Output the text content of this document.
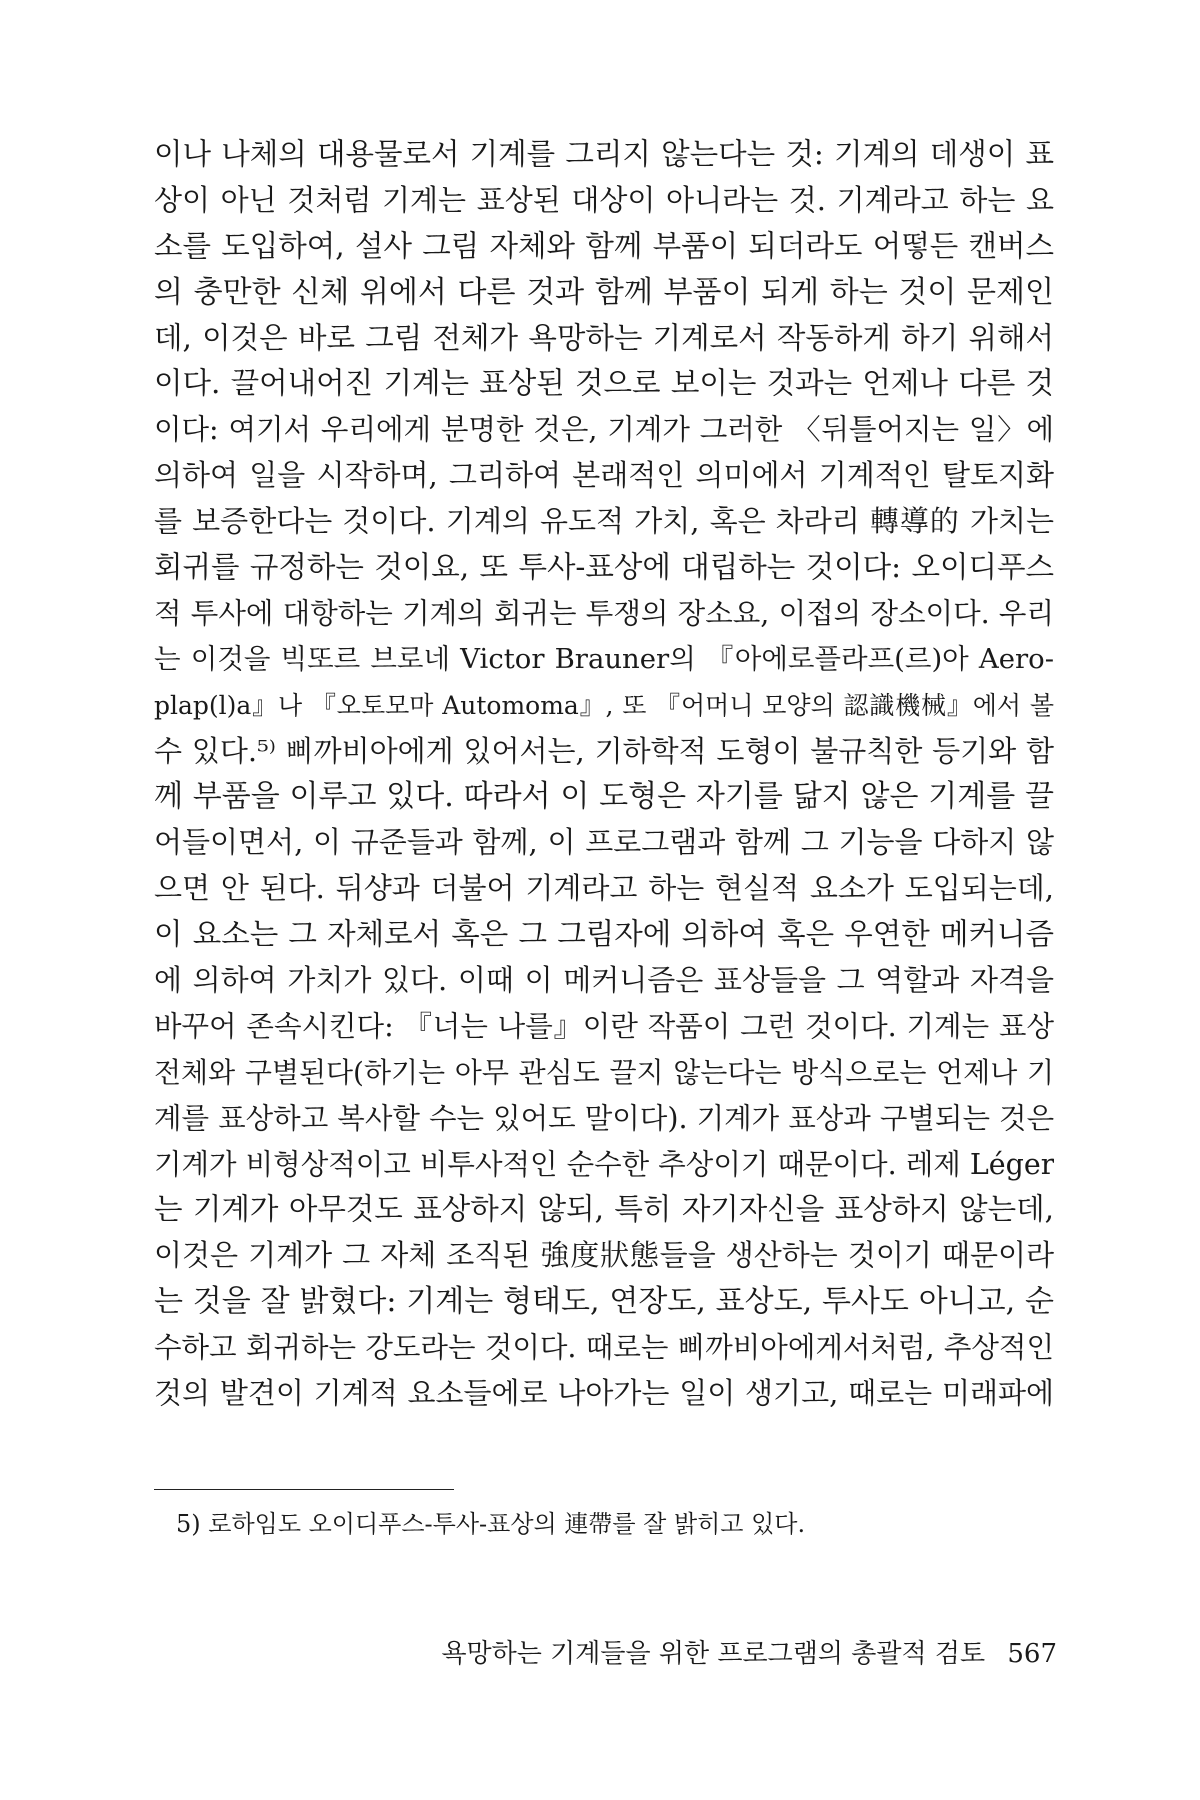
이나 나체의 대용물로서 기계를 그리지 않는다는 것: 기계의 데생이 표
상이 아닌 것처럼 기계는 표상된 대상이 아니라는 것. 기계라고 하는 요
소를 도입하여, 설사 그림 자체와 함께 부품이 되더라도 어떻든 캔버스
의 충만한 신체 위에서 다른 것과 함께 부품이 되게 하는 것이 문제인
데, 이것은 바로 그림 전체가 욕망하는 기계로서 작동하게 하기 위해서
이다. 끌어내어진 기계는 표상된 것으로 보이는 것과는 언제나 다른 것
이다: 여기서 우리에게 분명한 것은, 기계가 그러한 〈뒤틀어지는 일〉에
의하여 일을 시작하며, 그리하여 본래적인 의미에서 기계적인 탈토지화
를 보증한다는 것이다. 기계의 유도적 가치, 혹은 차라리 轉導的 가치는
회귀를 규정하는 것이요, 또 투사-표상에 대립하는 것이다: 오이디푸스
적 투사에 대항하는 기계의 회귀는 투쟁의 장소요, 이접의 장소이다. 우리
는 이것을 빅또르 브로네 Victor Brauner의 『아에로플라프(르)아 Aero-
plap(l)a』나 『오토모마 Automoma』, 또 『어머니 모양의 認識機械』에서 볼
수 있다.⁵⁾ 삐까비아에게 있어서는, 기하학적 도형이 불규칙한 등기와 함
께 부품을 이루고 있다. 따라서 이 도형은 자기를 닮지 않은 기계를 끌
어들이면서, 이 규준들과 함께, 이 프로그램과 함께 그 기능을 다하지 않
으면 안 된다. 뒤샹과 더불어 기계라고 하는 현실적 요소가 도입되는데,
이 요소는 그 자체로서 혹은 그 그림자에 의하여 혹은 우연한 메커니즘
에 의하여 가치가 있다. 이때 이 메커니즘은 표상들을 그 역할과 자격을
바꾸어 존속시킨다: 『너는 나를』이란 작품이 그런 것이다. 기계는 표상
전체와 구별된다(하기는 아무 관심도 끌지 않는다는 방식으로는 언제나 기
계를 표상하고 복사할 수는 있어도 말이다). 기계가 표상과 구별되는 것은
기계가 비형상적이고 비투사적인 순수한 추상이기 때문이다. 레제 Léger
는 기계가 아무것도 표상하지 않되, 특히 자기자신을 표상하지 않는데,
이것은 기계가 그 자체 조직된 強度狀態들을 생산하는 것이기 때문이라
는 것을 잘 밝혔다: 기계는 형태도, 연장도, 표상도, 투사도 아니고, 순
수하고 회귀하는 강도라는 것이다. 때로는 삐까비아에게서처럼, 추상적인
것의 발견이 기계적 요소들에로 나아가는 일이 생기고, 때로는 미래파에
5) 로하임도 오이디푸스-투사-표상의 連帶를 잘 밝히고 있다.
욕망하는 기계들을 위한 프로그램의 총괄적 검토 567
